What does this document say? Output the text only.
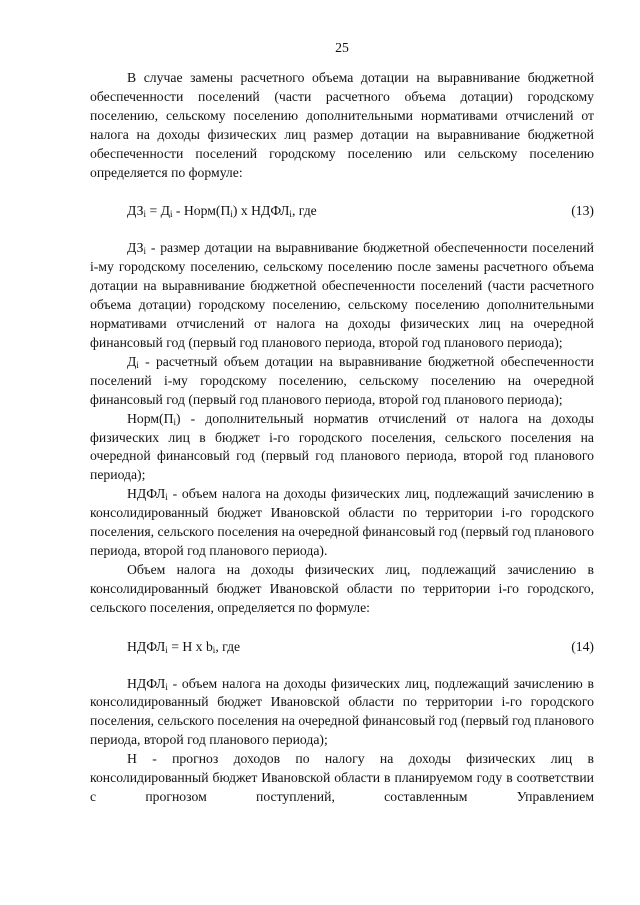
25

В случае замены расчетного объема дотации на выравнивание бюджетной обеспеченности поселений (части расчетного объема дотации) городскому поселению, сельскому поселению дополнительными нормативами отчислений от налога на доходы физических лиц размер дотации на выравнивание бюджетной обеспеченности поселений городскому поселению или сельскому поселению определяется по формуле:

$ДЗ_i = Д_i$ - $Норм(П_i)$ x $НДФЛ_i$, где	(13)

$ДЗ_i$ - размер дотации на выравнивание бюджетной обеспеченности поселений i-му городскому поселению, сельскому поселению после замены расчетного объема дотации на выравнивание бюджетной обеспеченности поселений (части расчетного объема дотации) городскому поселению, сельскому поселению дополнительными нормативами отчислений от налога на доходы физических лиц на очередной финансовый год (первый год планового периода, второй год планового периода);

$Д_i$ - расчетный объем дотации на выравнивание бюджетной обеспеченности поселений i-му городскому поселению, сельскому поселению на очередной финансовый год (первый год планового периода, второй год планового периода);

$Норм(П_i)$ - дополнительный норматив отчислений от налога на доходы физических лиц в бюджет i-го городского поселения, сельского поселения на очередной финансовый год (первый год планового периода, второй год планового периода);

$НДФЛ_i$ - объем налога на доходы физических лиц, подлежащий зачислению в консолидированный бюджет Ивановской области по территории i-го городского поселения, сельского поселения на очередной финансовый год (первый год планового периода, второй год планового периода).

Объем налога на доходы физических лиц, подлежащий зачислению в консолидированный бюджет Ивановской области по территории i-го городского, сельского поселения, определяется по формуле:

$НДФЛ_i = Н$ x $b_i$, где	(14)

$НДФЛ_i$ - объем налога на доходы физических лиц, подлежащий зачислению в консолидированный бюджет Ивановской области по территории i-го городского поселения, сельского поселения на очередной финансовый год (первый год планового периода, второй год планового периода);

Н - прогноз доходов по налогу на доходы физических лиц в консолидированный бюджет Ивановской области в планируемом году в соответствии с прогнозом поступлений, составленным Управлением
